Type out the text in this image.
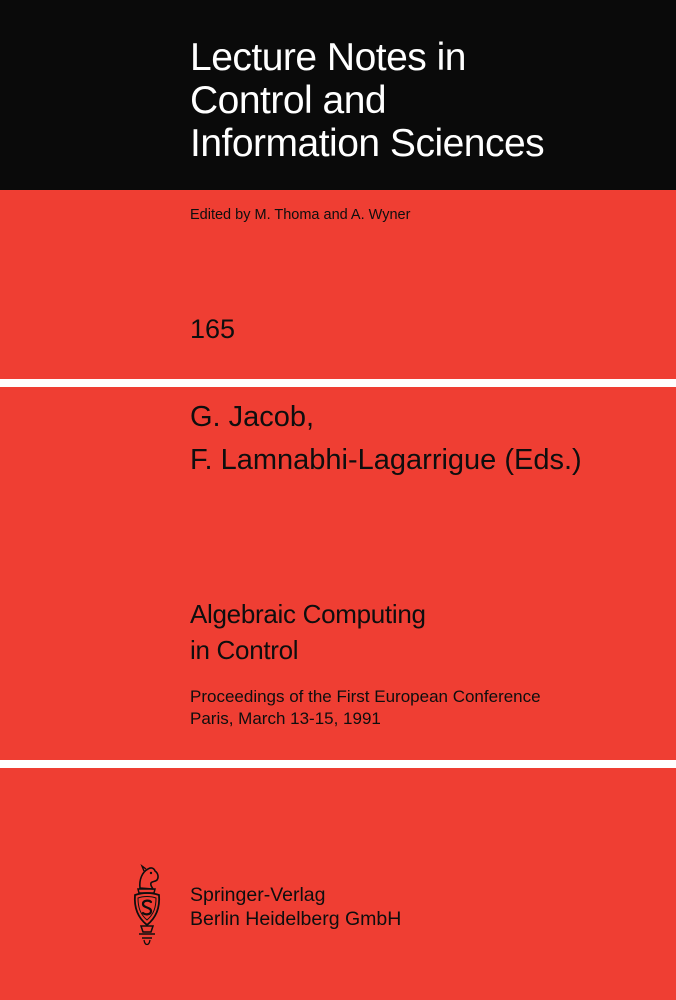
Lecture Notes in
Control and
Information Sciences
Edited by M. Thoma and A. Wyner
165
G. Jacob,
F. Lamnabhi-Lagarrigue (Eds.)
Algebraic Computing
in Control
Proceedings of the First European Conference
Paris, March 13-15, 1991
Springer-Verlag
Berlin Heidelberg GmbH
